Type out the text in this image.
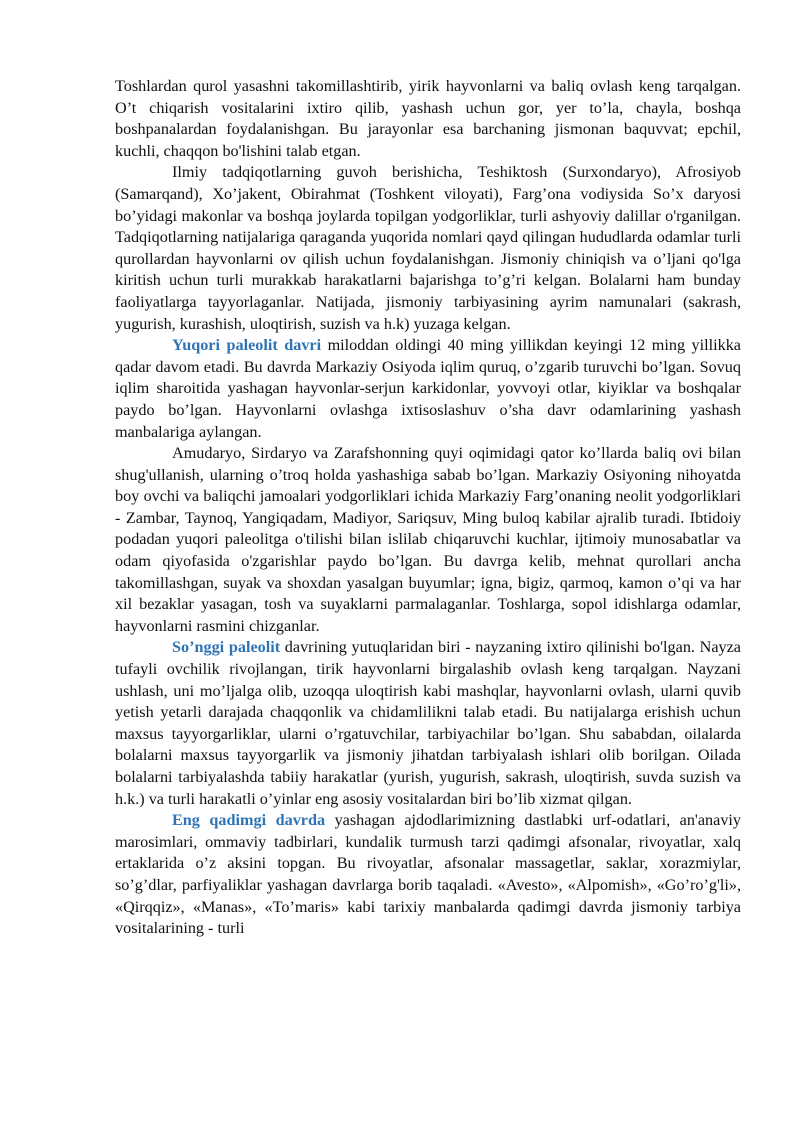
Toshlardan qurol yasashni takomillashtirib, yirik hayvonlarni va baliq ovlash keng tarqalgan. O’t chiqarish vositalarini ixtiro qilib, yashash uchun gor, yer to’la, chayla, boshqa boshpanalardan foydalanishgan. Bu jarayonlar esa barchaning jismonan baquvvat; epchil, kuchli, chaqqon bo'lishini talab etgan.

Ilmiy tadqiqotlarning guvoh berishicha, Teshiktosh (Surxondaryo), Afrosiyob (Samarqand), Xo’jakent, Obirahmat (Toshkent viloyati), Farg’ona vodiysida So’x daryosi bo’yidagi makonlar va boshqa joylarda topilgan yodgorliklar, turli ashyoviy dalillar o'rganilgan. Tadqiqotlarning natijalariga qaraganda yuqorida nomlari qayd qilingan hududlarda odamlar turli qurollardan hayvonlarni ov qilish uchun foydalanishgan. Jismoniy chiniqish va o’ljani qo'lga kiritish uchun turli murakkab harakatlarni bajarishga to’g’ri kelgan. Bolalarni ham bunday faoliyatlarga tayyorlaganlar. Natijada, jismoniy tarbiyasining ayrim namunalari (sakrash, yugurish, kurashish, uloqtirish, suzish va h.k) yuzaga kelgan.

Yuqori paleolit davri miloddan oldingi 40 ming yillikdan keyingi 12 ming yillikka qadar davom etadi. Bu davrda Markaziy Osiyoda iqlim quruq, o’zgarib turuvchi bo’lgan. Sovuq iqlim sharoitida yashagan hayvonlar-serjun karkidonlar, yovvoyi otlar, kiyiklar va boshqalar paydo bo’lgan. Hayvonlarni ovlashga ixtisoslashuv o’sha davr odamlarining yashash manbalariga aylangan.

Amudaryo, Sirdaryo va Zarafshonning quyi oqimidagi qator ko’llarda baliq ovi bilan shug'ullanish, ularning o’troq holda yashashiga sabab bo’lgan. Markaziy Osiyoning nihoyatda boy ovchi va baliqchi jamoalari yodgorliklari ichida Markaziy Farg’onaning neolit yodgorliklari - Zambar, Taynoq, Yangiqadam, Madiyor, Sariqsuv, Ming buloq kabilar ajralib turadi. Ibtidoiy podadan yuqori paleolitga o'tilishi bilan islilab chiqaruvchi kuchlar, ijtimoiy munosabatlar va odam qiyofasida o'zgarishlar paydo bo’lgan. Bu davrga kelib, mehnat qurollari ancha takomillashgan, suyak va shoxdan yasalgan buyumlar; igna, bigiz, qarmoq, kamon o’qi va har xil bezaklar yasagan, tosh va suyaklarni parmalaganlar. Toshlarga, sopol idishlarga odamlar, hayvonlarni rasmini chizganlar.

So’nggi paleolit davrining yutuqlaridan biri - nayzaning ixtiro qilinishi bo'lgan. Nayza tufayli ovchilik rivojlangan, tirik hayvonlarni birgalashib ovlash keng tarqalgan. Nayzani ushlash, uni mo’ljalga olib, uzoqqa uloqtirish kabi mashqlar, hayvonlarni ovlash, ularni quvib yetish yetarli darajada chaqqonlik va chidamlilikni talab etadi. Bu natijalarga erishish uchun maxsus tayyorgarliklar, ularni o’rgatuvchilar, tarbiyachilar bo’lgan. Shu sababdan, oilalarda bolalarni maxsus tayyorgarlik va jismoniy jihatdan tarbiyalash ishlari olib borilgan. Oilada bolalarni tarbiyalashda tabiiy harakatlar (yurish, yugurish, sakrash, uloqtirish, suvda suzish va h.k.) va turli harakatli o’yinlar eng asosiy vositalardan biri bo’lib xizmat qilgan.

Eng qadimgi davrda yashagan ajdodlarimizning dastlabki urf-odatlari, an'anaviy marosimlari, ommaviy tadbirlari, kundalik turmush tarzi qadimgi afsonalar, rivoyatlar, xalq ertaklarida o’z aksini topgan. Bu rivoyatlar, afsonalar massagetlar, saklar, xorazmiylar, so’g’dlar, parfiyaliklar yashagan davrlarga borib taqaladi. «Avesto», «Alpomish», «Go’ro’g'li», «Qirqqiz», «Manas», «To’maris» kabi tarixiy manbalarda qadimgi davrda jismoniy tarbiya vositalarining - turli
